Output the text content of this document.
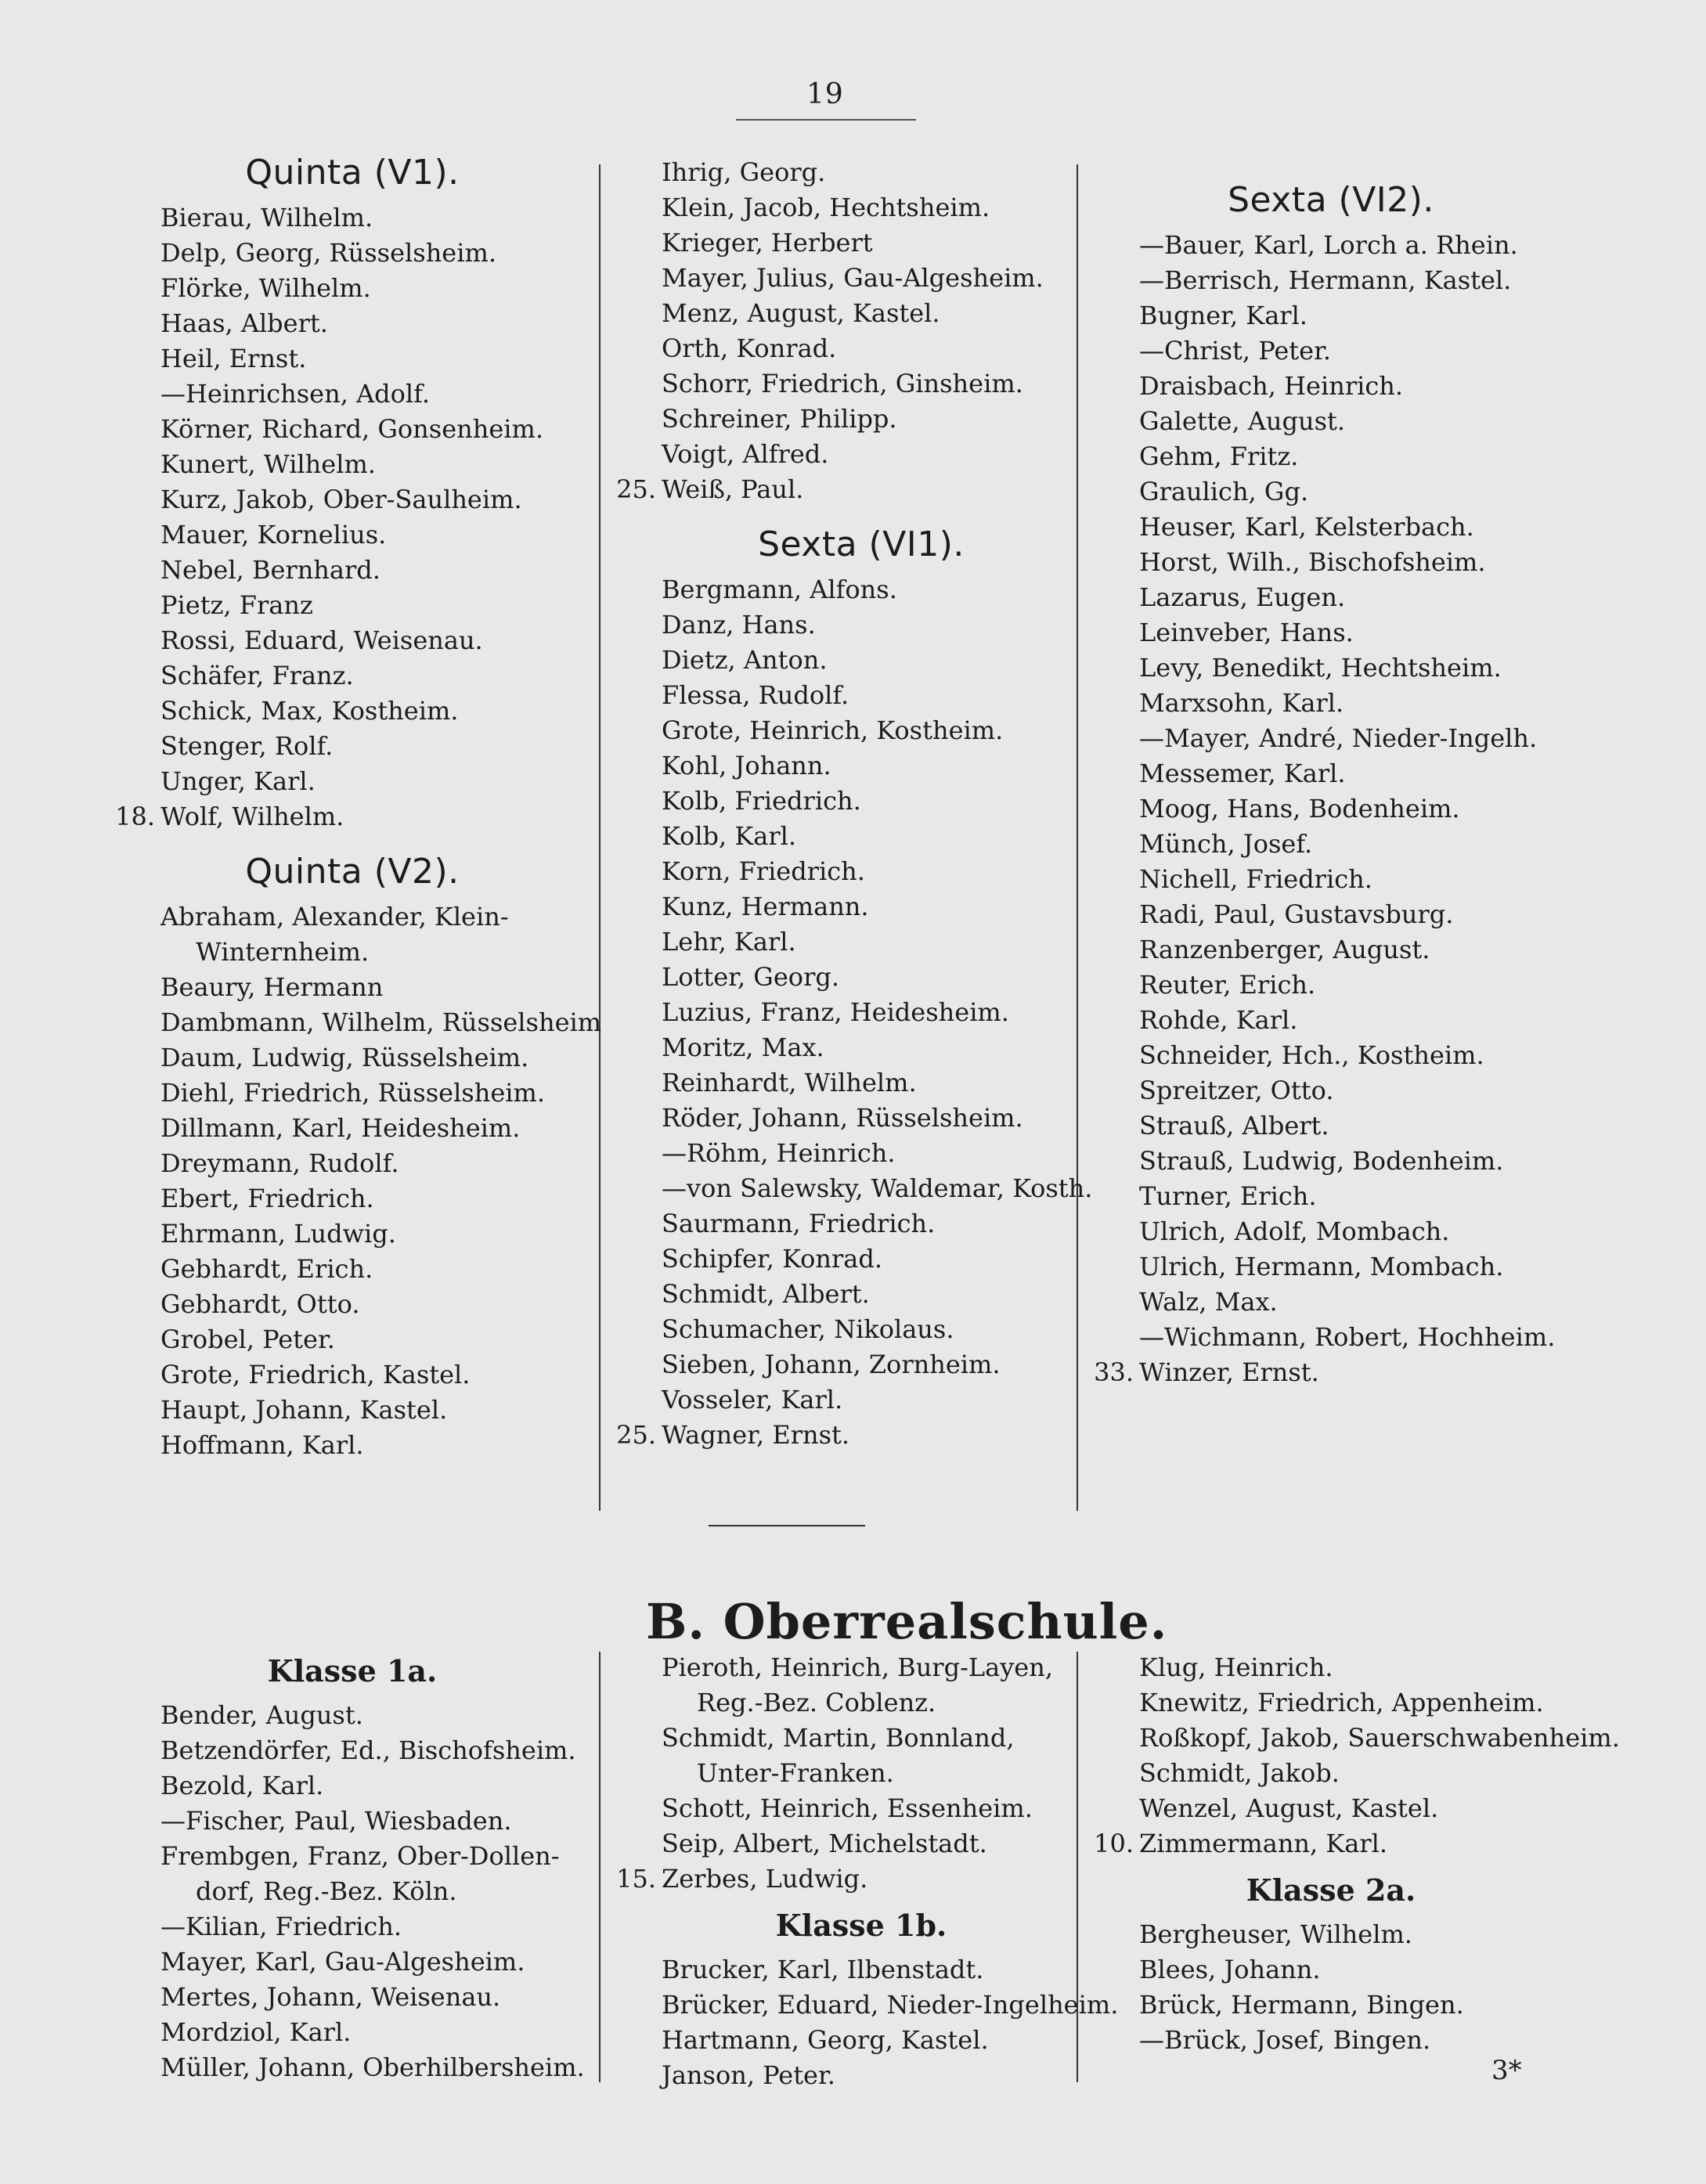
19
Quinta (V1).
Bierau, Wilhelm.
Delp, Georg, Rüsselsheim.
Flörke, Wilhelm.
Haas, Albert.
Heil, Ernst.
—Heinrichsen, Adolf.
Körner, Richard, Gonsenheim.
Kunert, Wilhelm.
Kurz, Jakob, Ober-Saulheim.
Mauer, Kornelius.
Nebel, Bernhard.
Pietz, Franz
Rossi, Eduard, Weisenau.
Schäfer, Franz.
Schick, Max, Kostheim.
Stenger, Rolf.
Unger, Karl.
18. Wolf, Wilhelm.
Quinta (V2).
Abraham, Alexander, Klein-
Winternheim.
Beaury, Hermann
Dambmann, Wilhelm, Rüsselsheim
Daum, Ludwig, Rüsselsheim.
Diehl, Friedrich, Rüsselsheim.
Dillmann, Karl, Heidesheim.
Dreymann, Rudolf.
Ebert, Friedrich.
Ehrmann, Ludwig.
Gebhardt, Erich.
Gebhardt, Otto.
Grobel, Peter.
Grote, Friedrich, Kastel.
Haupt, Johann, Kastel.
Hoffmann, Karl.
Ihrig, Georg.
Klein, Jacob, Hechtsheim.
Krieger, Herbert
Mayer, Julius, Gau-Algesheim.
Menz, August, Kastel.
Orth, Konrad.
Schorr, Friedrich, Ginsheim.
Schreiner, Philipp.
Voigt, Alfred.
25. Weiß, Paul.
Sexta (VI1).
Bergmann, Alfons.
Danz, Hans.
Dietz, Anton.
Flessa, Rudolf.
Grote, Heinrich, Kostheim.
Kohl, Johann.
Kolb, Friedrich.
Kolb, Karl.
Korn, Friedrich.
Kunz, Hermann.
Lehr, Karl.
Lotter, Georg.
Luzius, Franz, Heidesheim.
Moritz, Max.
Reinhardt, Wilhelm.
Röder, Johann, Rüsselsheim.
—Röhm, Heinrich.
—von Salewsky, Waldemar, Kosth.
Saurmann, Friedrich.
Schipfer, Konrad.
Schmidt, Albert.
Schumacher, Nikolaus.
Sieben, Johann, Zornheim.
Vosseler, Karl.
25. Wagner, Ernst.
Sexta (VI2).
—Bauer, Karl, Lorch a. Rhein.
—Berrisch, Hermann, Kastel.
Bugner, Karl.
—Christ, Peter.
Draisbach, Heinrich.
Galette, August.
Gehm, Fritz.
Graulich, Gg.
Heuser, Karl, Kelsterbach.
Horst, Wilh., Bischofsheim.
Lazarus, Eugen.
Leinveber, Hans.
Levy, Benedikt, Hechtsheim.
Marxsohn, Karl.
—Mayer, André, Nieder-Ingelh.
Messemer, Karl.
Moog, Hans, Bodenheim.
Münch, Josef.
Nichell, Friedrich.
Radi, Paul, Gustavsburg.
Ranzenberger, August.
Reuter, Erich.
Rohde, Karl.
Schneider, Hch., Kostheim.
Spreitzer, Otto.
Strauß, Albert.
Strauß, Ludwig, Bodenheim.
Turner, Erich.
Ulrich, Adolf, Mombach.
Ulrich, Hermann, Mombach.
Walz, Max.
—Wichmann, Robert, Hochheim.
33. Winzer, Ernst.
B. Oberrealschule.
Klasse 1a.
Bender, August.
Betzendörfer, Ed., Bischofsheim.
Bezold, Karl.
—Fischer, Paul, Wiesbaden.
Frembgen, Franz, Ober-Dollen-
dorf, Reg.-Bez. Köln.
—Kilian, Friedrich.
Mayer, Karl, Gau-Algesheim.
Mertes, Johann, Weisenau.
Mordziol, Karl.
Müller, Johann, Oberhilbersheim.
Pieroth, Heinrich, Burg-Layen,
Reg.-Bez. Coblenz.
Schmidt, Martin, Bonnland,
Unter-Franken.
Schott, Heinrich, Essenheim.
Seip, Albert, Michelstadt.
15. Zerbes, Ludwig.
Klasse 1b.
Brucker, Karl, Ilbenstadt.
Brücker, Eduard, Nieder-Ingelheim.
Hartmann, Georg, Kastel.
Janson, Peter.
Klug, Heinrich.
Knewitz, Friedrich, Appenheim.
Roßkopf, Jakob, Sauerschwabenheim.
Schmidt, Jakob.
Wenzel, August, Kastel.
10. Zimmermann, Karl.
Klasse 2a.
Bergheuser, Wilhelm.
Blees, Johann.
Brück, Hermann, Bingen.
—Brück, Josef, Bingen.
3*
